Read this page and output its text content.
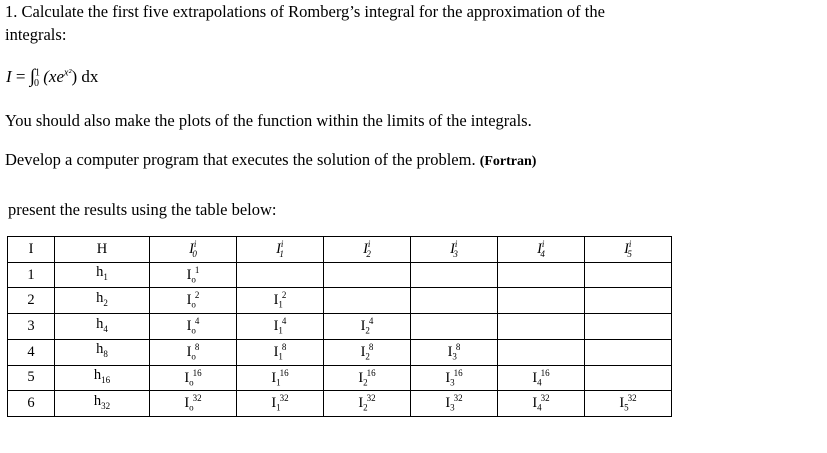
1. Calculate the first five extrapolations of Romberg’s integral for the approximation of the
integrals:
I = ∫$^1_0$ $(xe^{x^2})$ dx
You should also make the plots of the function within the limits of the integrals.
Develop a computer program that executes the solution of the problem. (Fortran)
present the results using the table below:
I	H	$I^i_0$	$I^i_1$	$I^i_2$	$I^i_3$	$I^i_4$	$I^i_5$
1	$h_1$	$I_o^1$					
2	$h_2$	$I_o^2$	$I_1^2$				
3	$h_4$	$I_o^4$	$I_1^4$	$I_2^4$			
4	$h_8$	$I_o^8$	$I_1^8$	$I_2^8$	$I_3^8$		
5	$h_{16}$	$I_o^{16}$	$I_1^{16}$	$I_2^{16}$	$I_3^{16}$	$I_4^{16}$	
6	$h_{32}$	$I_o^{32}$	$I_1^{32}$	$I_2^{32}$	$I_3^{32}$	$I_4^{32}$	$I_5^{32}$
